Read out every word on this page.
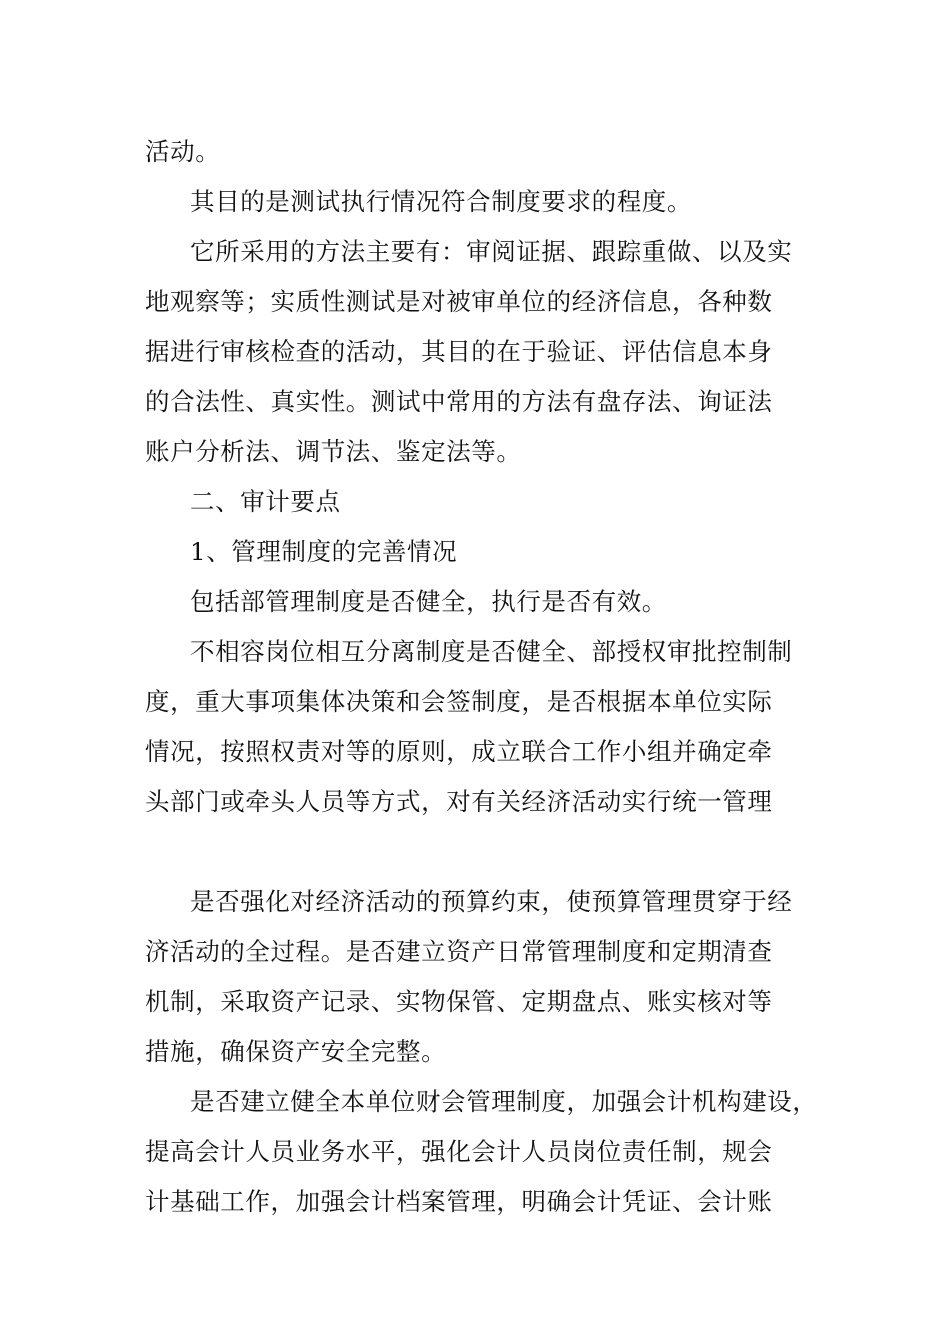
活动。
其目的是测试执行情况符合制度要求的程度。
它所采用的方法主要有：审阅证据、跟踪重做、以及实
地观察等；实质性测试是对被审单位的经济信息，各种数
据进行审核检查的活动，其目的在于验证、评估信息本身
的合法性、真实性。测试中常用的方法有盘存法、询证法
账户分析法、调节法、鉴定法等。
二、审计要点
1、管理制度的完善情况
包括部管理制度是否健全，执行是否有效。
不相容岗位相互分离制度是否健全、部授权审批控制制
度，重大事项集体决策和会签制度，是否根据本单位实际
情况，按照权责对等的原则，成立联合工作小组并确定牵
头部门或牵头人员等方式，对有关经济活动实行统一管理
是否强化对经济活动的预算约束，使预算管理贯穿于经
济活动的全过程。是否建立资产日常管理制度和定期清查
机制，采取资产记录、实物保管、定期盘点、账实核对等
措施，确保资产安全完整。
是否建立健全本单位财会管理制度，加强会计机构建设，
提高会计人员业务水平，强化会计人员岗位责任制，规会
计基础工作，加强会计档案管理，明确会计凭证、会计账
